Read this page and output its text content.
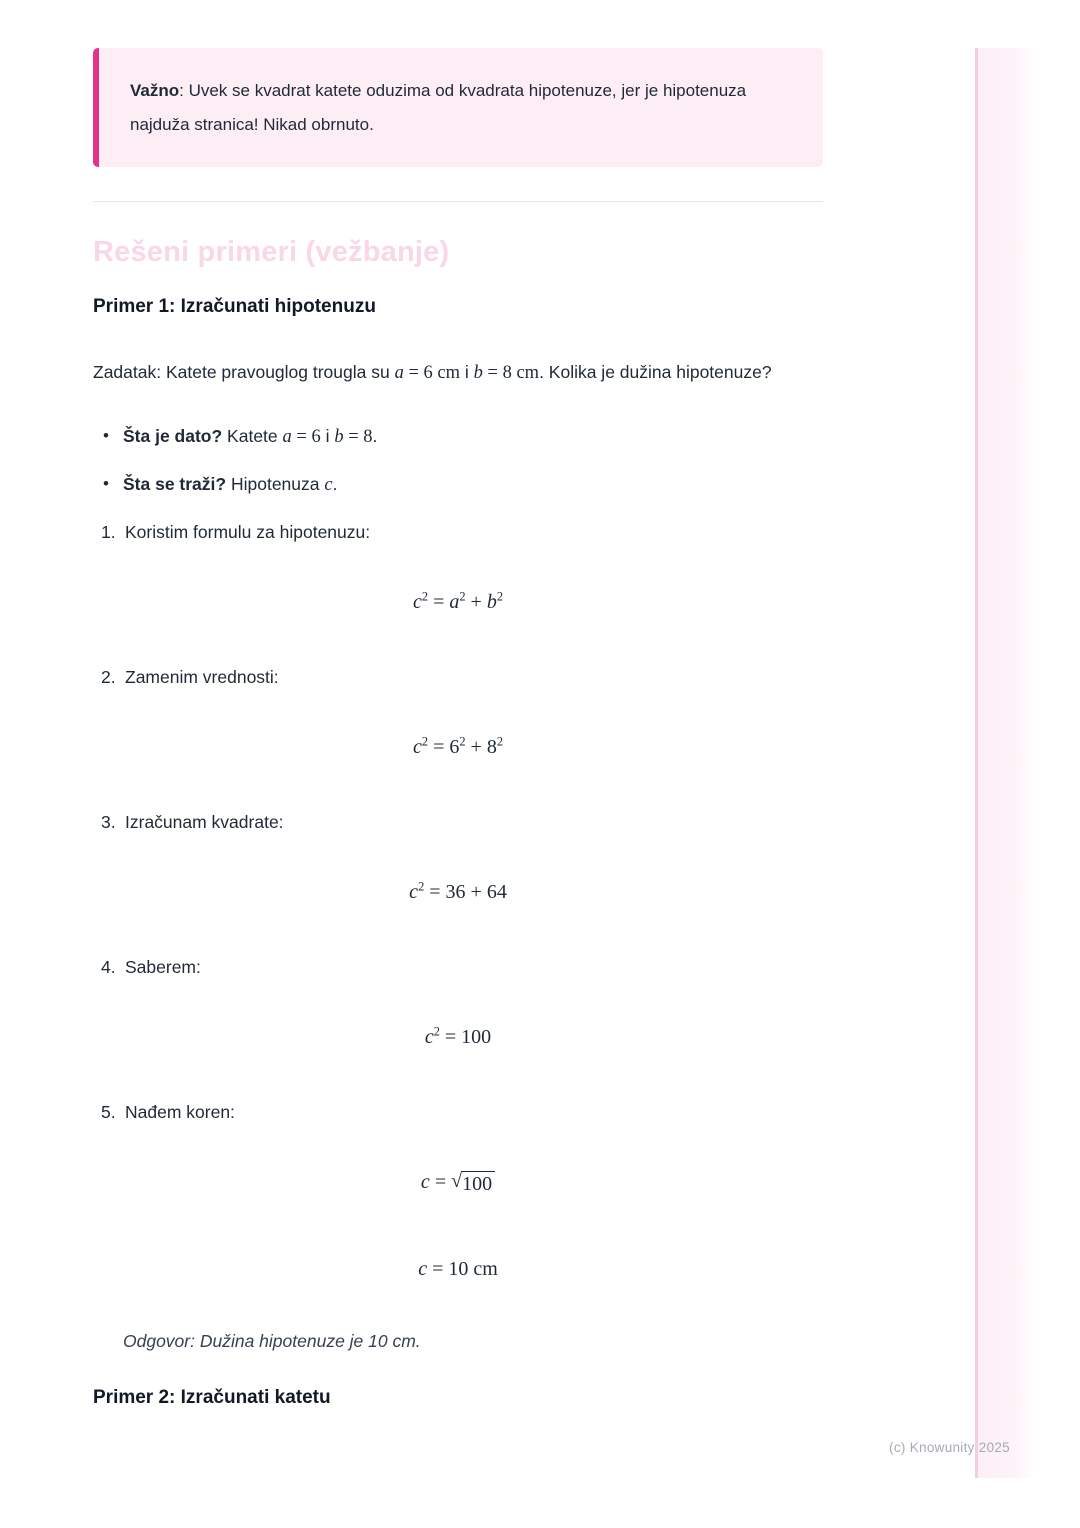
Važno: Uvek se kvadrat katete oduzima od kvadrata hipotenuze, jer je hipotenuza najduža stranica! Nikad obrnuto.
Rešeni primeri (vežbanje)
Primer 1: Izračunati hipotenuzu

Zadatak: Katete pravouglog trougla su a = 6 cm i b = 8 cm. Kolika je dužina hipotenuze?

• Šta je dato? Katete a = 6 i b = 8.
• Šta se traži? Hipotenuza c.
1. Koristim formulu za hipotenuzu:
$c^2 = a^2 + b^2$
2. Zamenim vrednosti:
$c^2 = 6^2 + 8^2$
3. Izračunam kvadrate:
$c^2 = 36 + 64$
4. Saberem:
$c^2 = 100$
5. Nađem koren:
c = √ 100
c = 10 cm

Odgovor: Dužina hipotenuze je 10 cm.

Primer 2: Izračunati katetu
(c) Knowunity 2025
